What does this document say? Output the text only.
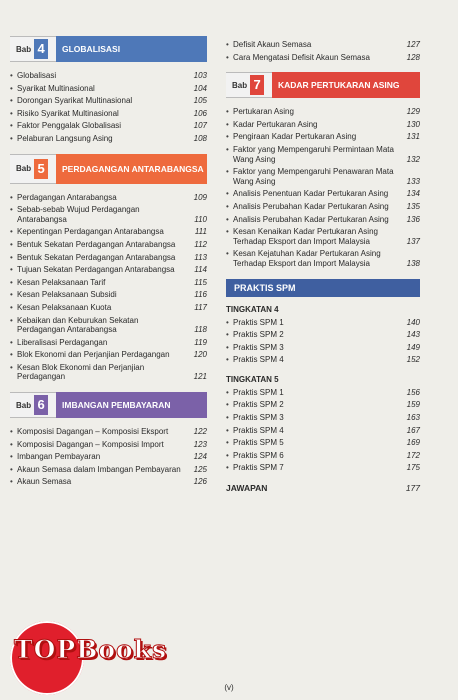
Bab 4	GLOBALISASI
• Globalisasi	103
• Syarikat Multinasional	104
• Dorongan Syarikat Multinasional	105
• Risiko Syarikat Multinasional	106
• Faktor Penggalak Globalisasi	107
• Pelaburan Langsung Asing	108
Bab 5	PERDAGANGAN ANTARABANGSA
• Perdagangan Antarabangsa	109
• Sebab-sebab Wujud Perdagangan Antarabangsa	110
• Kepentingan Perdagangan Antarabangsa	111
• Bentuk Sekatan Perdagangan Antarabangsa	112
• Bentuk Sekatan Perdagangan Antarabangsa	113
• Tujuan Sekatan Perdagangan Antarabangsa	114
• Kesan Pelaksanaan Tarif	115
• Kesan Pelaksanaan Subsidi	116
• Kesan Pelaksanaan Kuota	117
• Kebaikan dan Keburukan Sekatan Perdagangan Antarabangsa	118
• Liberalisasi Perdagangan	119
• Blok Ekonomi dan Perjanjian Perdagangan	120
• Kesan Blok Ekonomi dan Perjanjian Perdagangan	121
Bab 6	IMBANGAN PEMBAYARAN
• Komposisi Dagangan – Komposisi Eksport	122
• Komposisi Dagangan – Komposisi Import	123
• Imbangan Pembayaran	124
• Akaun Semasa dalam Imbangan Pembayaran	125
• Akaun Semasa	126
• Defisit Akaun Semasa	127
• Cara Mengatasi Defisit Akaun Semasa	128
Bab 7	KADAR PERTUKARAN ASING
• Pertukaran Asing	129
• Kadar Pertukaran Asing	130
• Pengiraan Kadar Pertukaran Asing	131
• Faktor yang Mempengaruhi Permintaan Mata Wang Asing	132
• Faktor yang Mempengaruhi Penawaran Mata Wang Asing	133
• Analisis Penentuan Kadar Pertukaran Asing	134
• Analisis Perubahan Kadar Pertukaran Asing	135
• Analisis Perubahan Kadar Pertukaran Asing	136
• Kesan Kenaikan Kadar Pertukaran Asing Terhadap Eksport dan Import Malaysia	137
• Kesan Kejatuhan Kadar Pertukaran Asing Terhadap Eksport dan Import Malaysia	138
PRAKTIS SPM
TINGKATAN 4
• Praktis SPM 1	140
• Praktis SPM 2	143
• Praktis SPM 3	149
• Praktis SPM 4	152
TINGKATAN 5
• Praktis SPM 1	156
• Praktis SPM 2	159
• Praktis SPM 3	163
• Praktis SPM 4	167
• Praktis SPM 5	169
• Praktis SPM 6	172
• Praktis SPM 7	175
JAWAPAN	177
(v)
TOPBooks
